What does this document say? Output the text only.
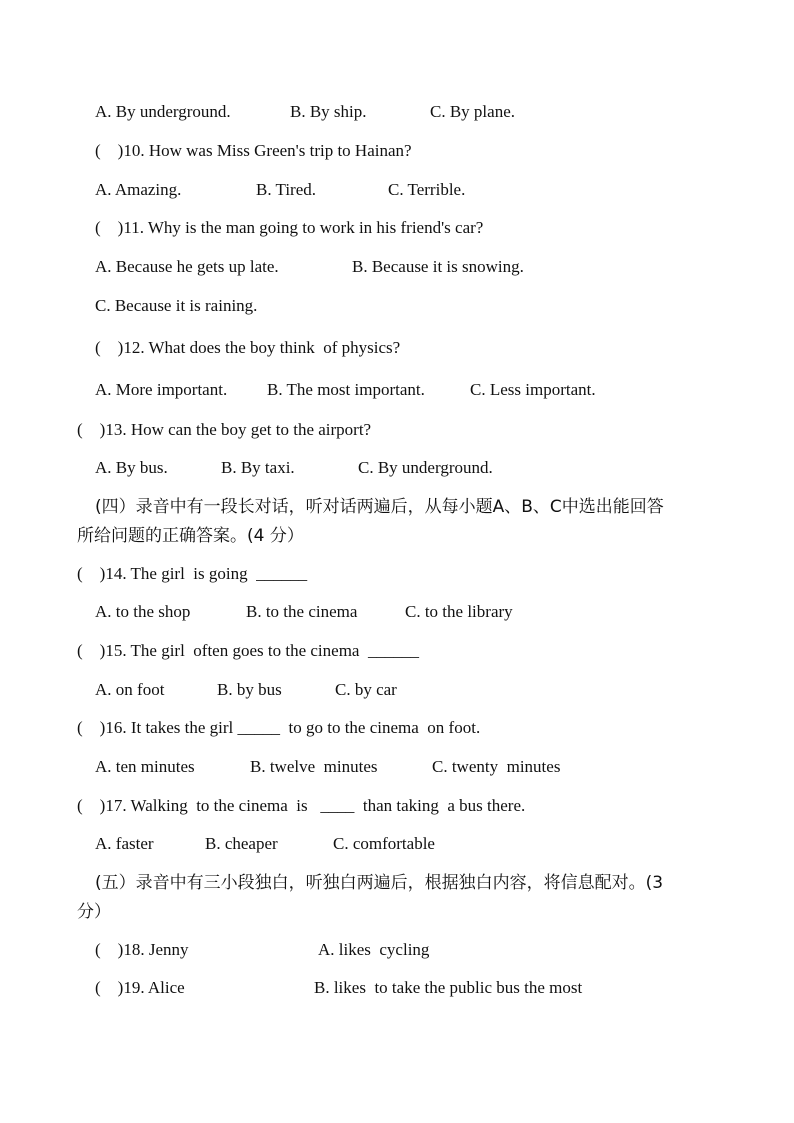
A. By underground.	B. By ship.	C. By plane.
(    )10. How was Miss Green's trip to Hainan?
A. Amazing.	B. Tired.	C. Terrible.
(    )11. Why is the man going to work in his friend's car?
A. Because he gets up late.	B. Because it is snowing.
C. Because it is raining.
(    )12. What does the boy think  of physics?
A. More important. B. The most important.	C. Less important.
(    )13. How can the boy get to the airport?
A. By bus.	B. By taxi.	C. By underground.
(四）录音中有一段长对话，听对话两遍后，从每小题A、B、C中选出能回答
所给问题的正确答案。(4 分）
(    )14. The girl  is going  ______
A. to the shop	B. to the cinema	C. to the library
(    )15. The girl  often goes to the cinema  ______
A. on foot	B. by bus	C. by car
(    )16. It takes the girl _____  to go to the cinema  on foot.
A. ten minutes	B. twelve  minutes	C. twenty  minutes
(    )17. Walking  to the cinema  is   ____  than taking  a bus there.
A. faster	B. cheaper	C. comfortable
(五）录音中有三小段独白，听独白两遍后，根据独白内容，将信息配对。(3
分）
(    )18. Jenny	A. likes  cycling
(    )19. Alice	B. likes  to take the public bus the most
